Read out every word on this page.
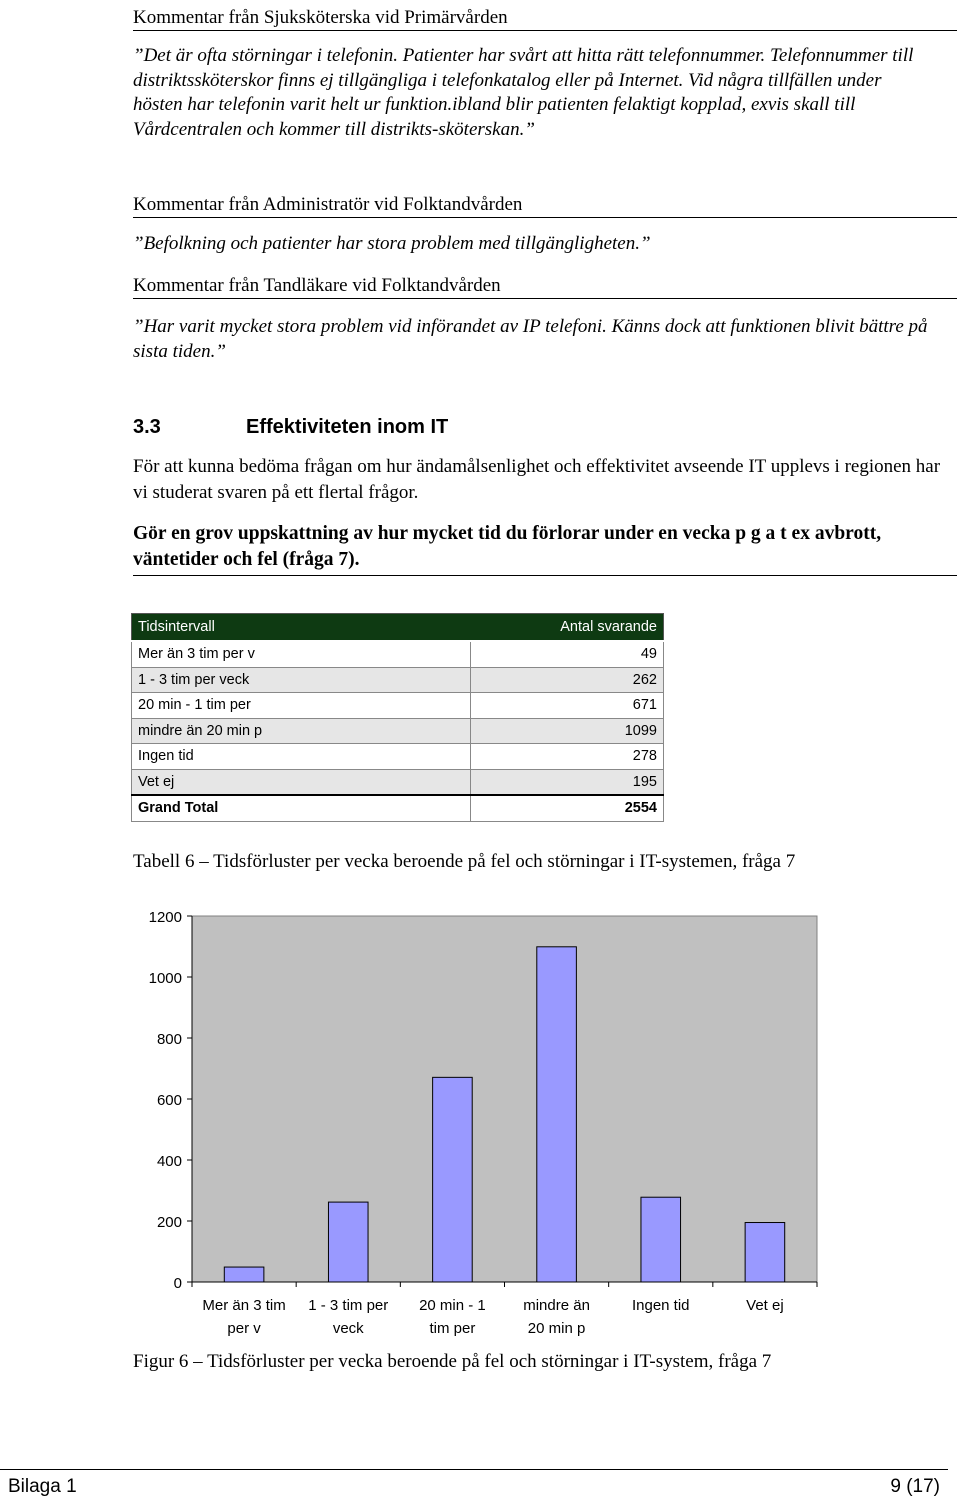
Kommentar från Sjuksköterska vid Primärvården
”Det är ofta störningar i telefonin. Patienter har svårt att hitta rätt telefonnummer. Telefonnummer till distriktssköterskor finns ej tillgängliga i telefonkatalog eller på Internet. Vid några tillfällen under hösten har telefonin varit helt ur funktion.ibland blir patienten felaktigt kopplad, exvis skall till Vårdcentralen och kommer till distrikts-sköterskan.”
Kommentar från Administratör vid Folktandvården
”Befolkning och patienter har stora problem med tillgängligheten.”
Kommentar från Tandläkare vid Folktandvården
”Har varit mycket stora problem vid införandet av IP telefoni. Känns dock att funktionen blivit bättre på sista tiden.”
3.3	Effektiviteten inom IT
För att kunna bedöma frågan om hur ändamålsenlighet och effektivitet avseende IT upplevs i regionen har vi studerat svaren på ett flertal frågor.
Gör en grov uppskattning av hur mycket tid du förlorar under en vecka p g a t ex avbrott, väntetider och fel (fråga 7).
Tidsintervall	Antal svarande
Mer än 3 tim per v	49
1 - 3 tim per veck	262
20 min - 1 tim per	671
mindre än 20 min p	1099
Ingen tid	278
Vet ej	195
Grand Total	2554
Tabell 6 – Tidsförluster per vecka beroende på fel och störningar i IT-systemen, fråga 7
0
200
400
600
800
1000
1200
Mer än 3 tim
per v
1 - 3 tim per
veck
20 min - 1
tim per
mindre än
20 min p
Ingen tid	Vet ej
Figur 6 – Tidsförluster per vecka beroende på fel och störningar i IT-system, fråga 7
Bilaga 1	9 (17)
